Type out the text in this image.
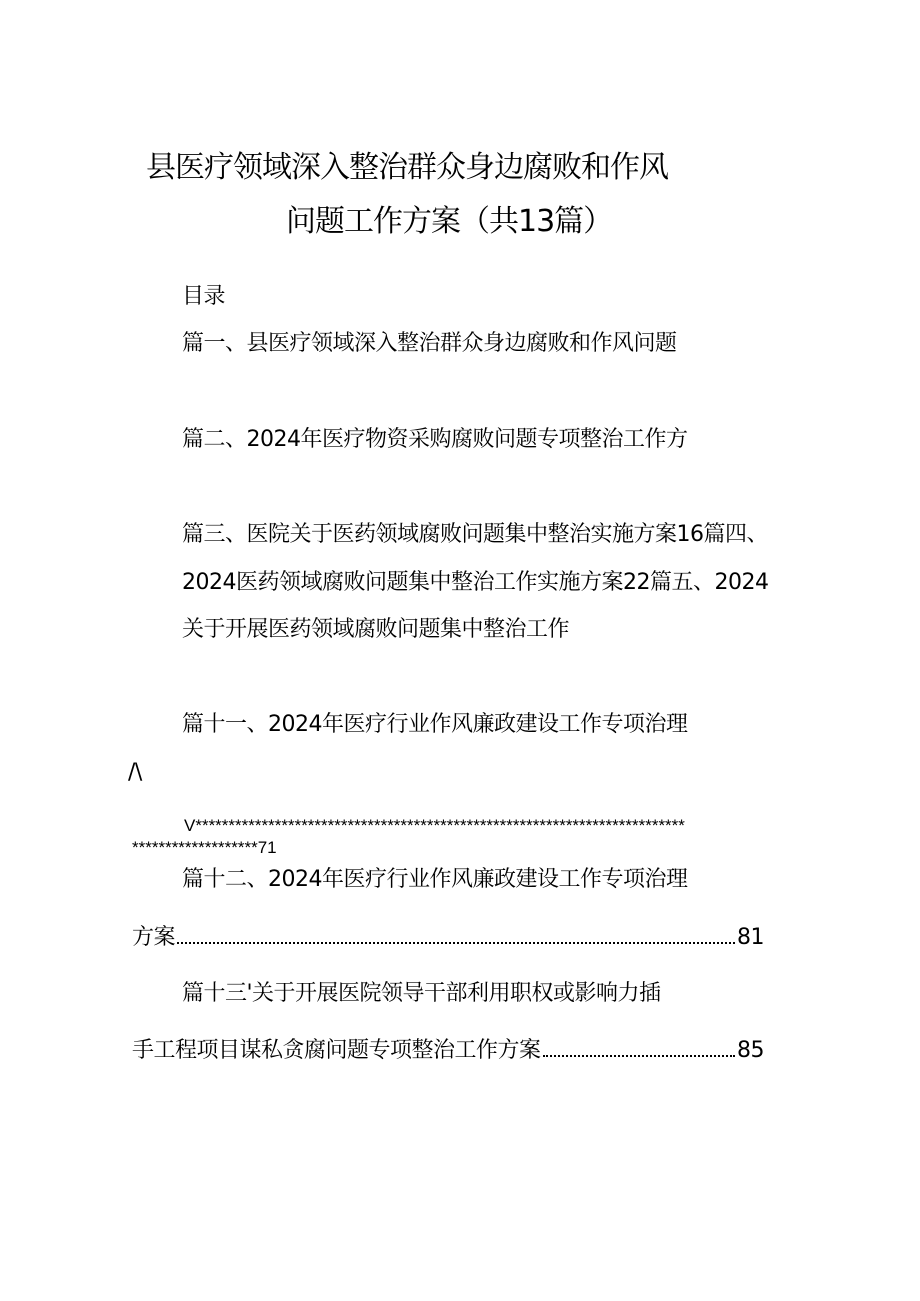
县医疗领域深入整治群众身边腐败和作风
问题工作方案（共13篇）
目录
篇一、县医疗领域深入整治群众身边腐败和作风问题
篇二、2024年医疗物资采购腐败问题专项整治工作方
篇三、医院关于医药领域腐败问题集中整治实施方案16篇四、
2024医药领域腐败问题集中整治工作实施方案22篇五、2024
关于开展医药领域腐败问题集中整治工作
篇十一、2024年医疗行业作风廉政建设工作专项治理
/\
V**************************************************************************
篇十二、2024年医疗行业作风廉政建设工作专项治理
方案	81
篇十三'关于开展医院领导干部利用职权或影响力插
手工程项目谋私贪腐问题专项整治工作方案	85
*******************71
